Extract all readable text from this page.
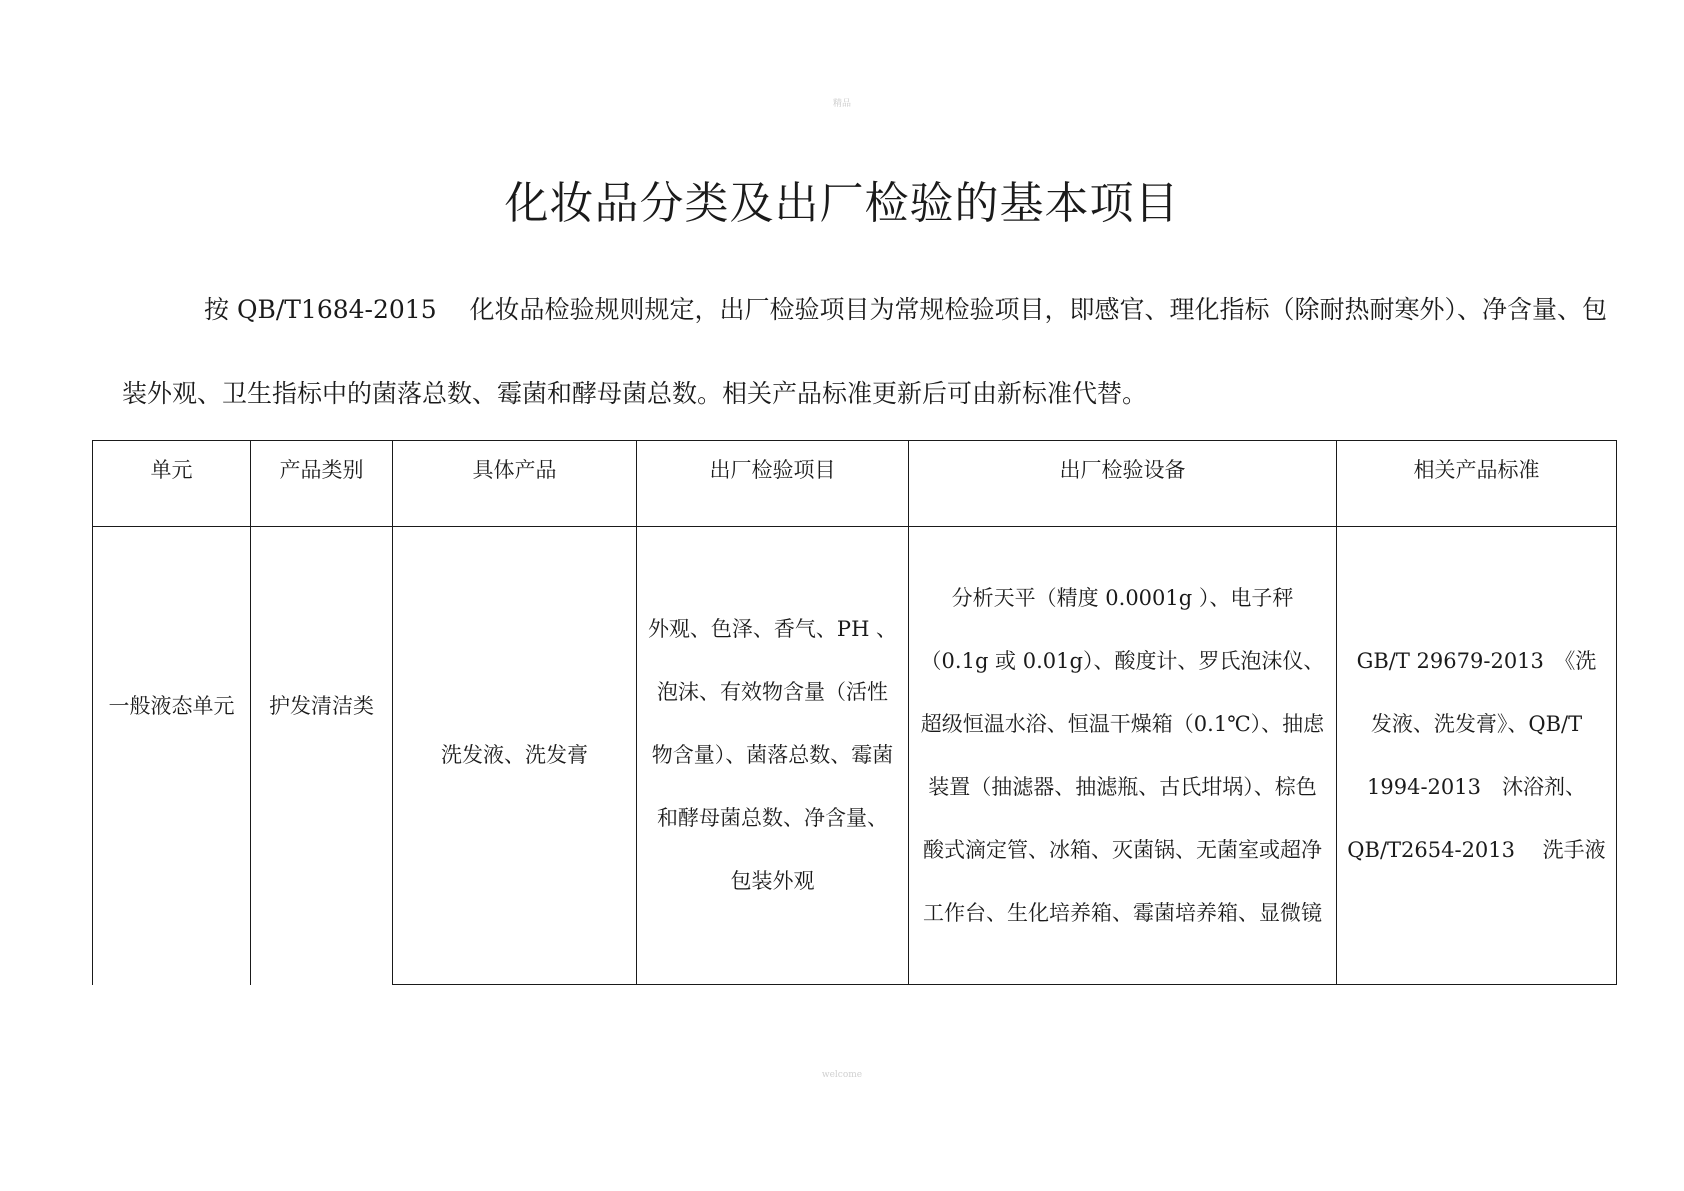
精品
化妆品分类及出厂检验的基本项目

按 QB/T1684-2015　 化妆品检验规则规定，出厂检验项目为常规检验项目，即感官、理化指标（除耐热耐寒外）、净含量、包装外观、卫生指标中的菌落总数、霉菌和酵母菌总数。相关产品标准更新后可由新标准代替。

单元	产品类别	具体产品	出厂检验项目	出厂检验设备	相关产品标准
一般液态单元	护发清洁类	洗发液、洗发膏	外观、色泽、香气、PH 、泡沫、有效物含量（活性物含量）、菌落总数、霉菌和酵母菌总数、净含量、包装外观	分析天平（精度 0.0001g ）、电子秤（0.1g 或 0.01g）、酸度计、罗氏泡沫仪、超级恒温水浴、恒温干燥箱（0.1℃）、抽虑装置（抽滤器、抽滤瓶、古氏坩埚）、棕色酸式滴定管、冰箱、灭菌锅、无菌室或超净工作台、生化培养箱、霉菌培养箱、显微镜	GB/T 29679-2013　《洗发液、洗发膏》、QB/T 1994-2013　沐浴剂、QB/T2654-2013　 洗手液
welcome
